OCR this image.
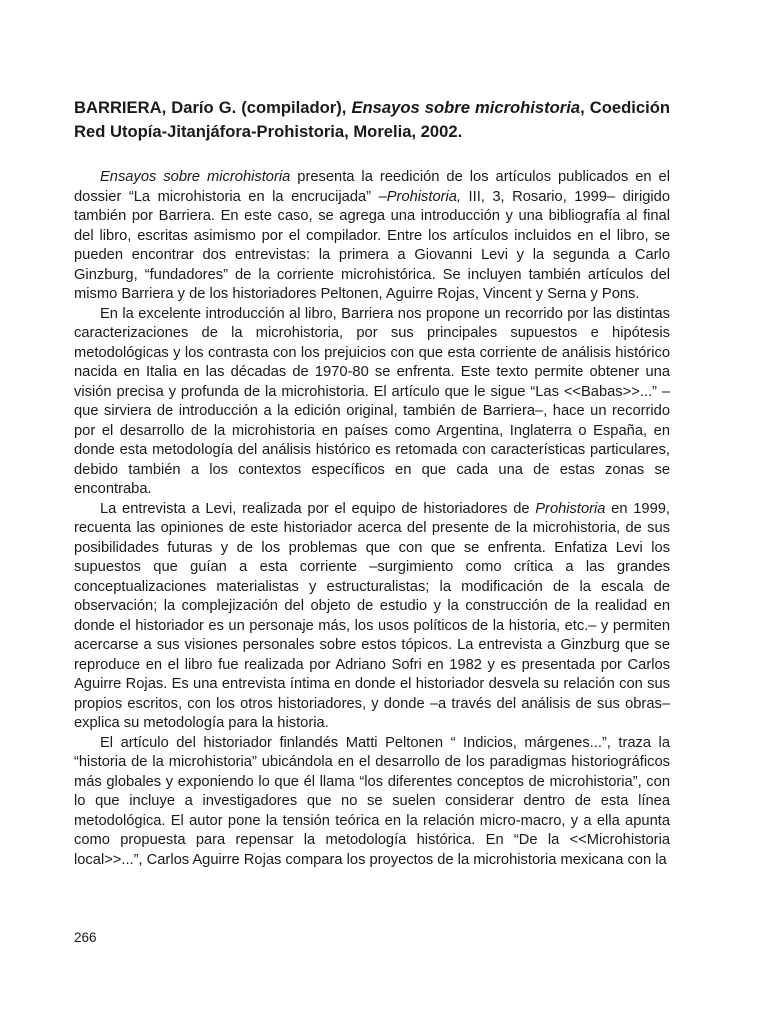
BARRIERA, Darío G. (compilador), Ensayos sobre microhistoria, Coedición Red Utopía-Jitanjáfora-Prohistoria, Morelia, 2002.

Ensayos sobre microhistoria presenta la reedición de los artículos publicados en el dossier “La microhistoria en la encrucijada” –Prohistoria, III, 3, Rosario, 1999– dirigido también por Barriera. En este caso, se agrega una introducción y una bibliografía al final del libro, escritas asimismo por el compilador. Entre los artículos incluidos en el libro, se pueden encontrar dos entrevistas: la primera a Giovanni Levi y la segunda a Carlo Ginzburg, “fundadores” de la corriente microhistórica. Se incluyen también artículos del mismo Barriera y de los historiadores Peltonen, Aguirre Rojas, Vincent y Serna y Pons.

En la excelente introducción al libro, Barriera nos propone un recorrido por las distintas caracterizaciones de la microhistoria, por sus principales supuestos e hipótesis metodológicas y los contrasta con los prejuicios con que esta corriente de análisis histórico nacida en Italia en las décadas de 1970-80 se enfrenta. Este texto permite obtener una visión precisa y profunda de la microhistoria. El artículo que le sigue “Las <<Babas>>...” –que sirviera de introducción a la edición original, también de Barriera–, hace un recorrido por el desarrollo de la microhistoria en países como Argentina, Inglaterra o España, en donde esta metodología del análisis histórico es retomada con características particulares, debido también a los contextos específicos en que cada una de estas zonas se encontraba.

La entrevista a Levi, realizada por el equipo de historiadores de Prohistoria en 1999, recuenta las opiniones de este historiador acerca del presente de la microhistoria, de sus posibilidades futuras y de los problemas que con que se enfrenta. Enfatiza Levi los supuestos que guían a esta corriente –surgimiento como crítica a las grandes conceptualizaciones materialistas y estructuralistas; la modificación de la escala de observación; la complejización del objeto de estudio y la construcción de la realidad en donde el historiador es un personaje más, los usos políticos de la historia, etc.– y permiten acercarse a sus visiones personales sobre estos tópicos. La entrevista a Ginzburg que se reproduce en el libro fue realizada por Adriano Sofri en 1982 y es presentada por Carlos Aguirre Rojas. Es una entrevista íntima en donde el historiador desvela su relación con sus propios escritos, con los otros historiadores, y donde –a través del análisis de sus obras– explica su metodología para la historia.

El artículo del historiador finlandés Matti Peltonen “ Indicios, márgenes...”, traza la “historia de la microhistoria” ubicándola en el desarrollo de los paradigmas historiográficos más globales y exponiendo lo que él llama “los diferentes conceptos de microhistoria”, con lo que incluye a investigadores que no se suelen considerar dentro de esta línea metodológica. El autor pone la tensión teórica en la relación micro-macro, y a ella apunta como propuesta para repensar la metodología histórica. En “De la <<Microhistoria local>>...”, Carlos Aguirre Rojas compara los proyectos de la microhistoria mexicana con la

266
